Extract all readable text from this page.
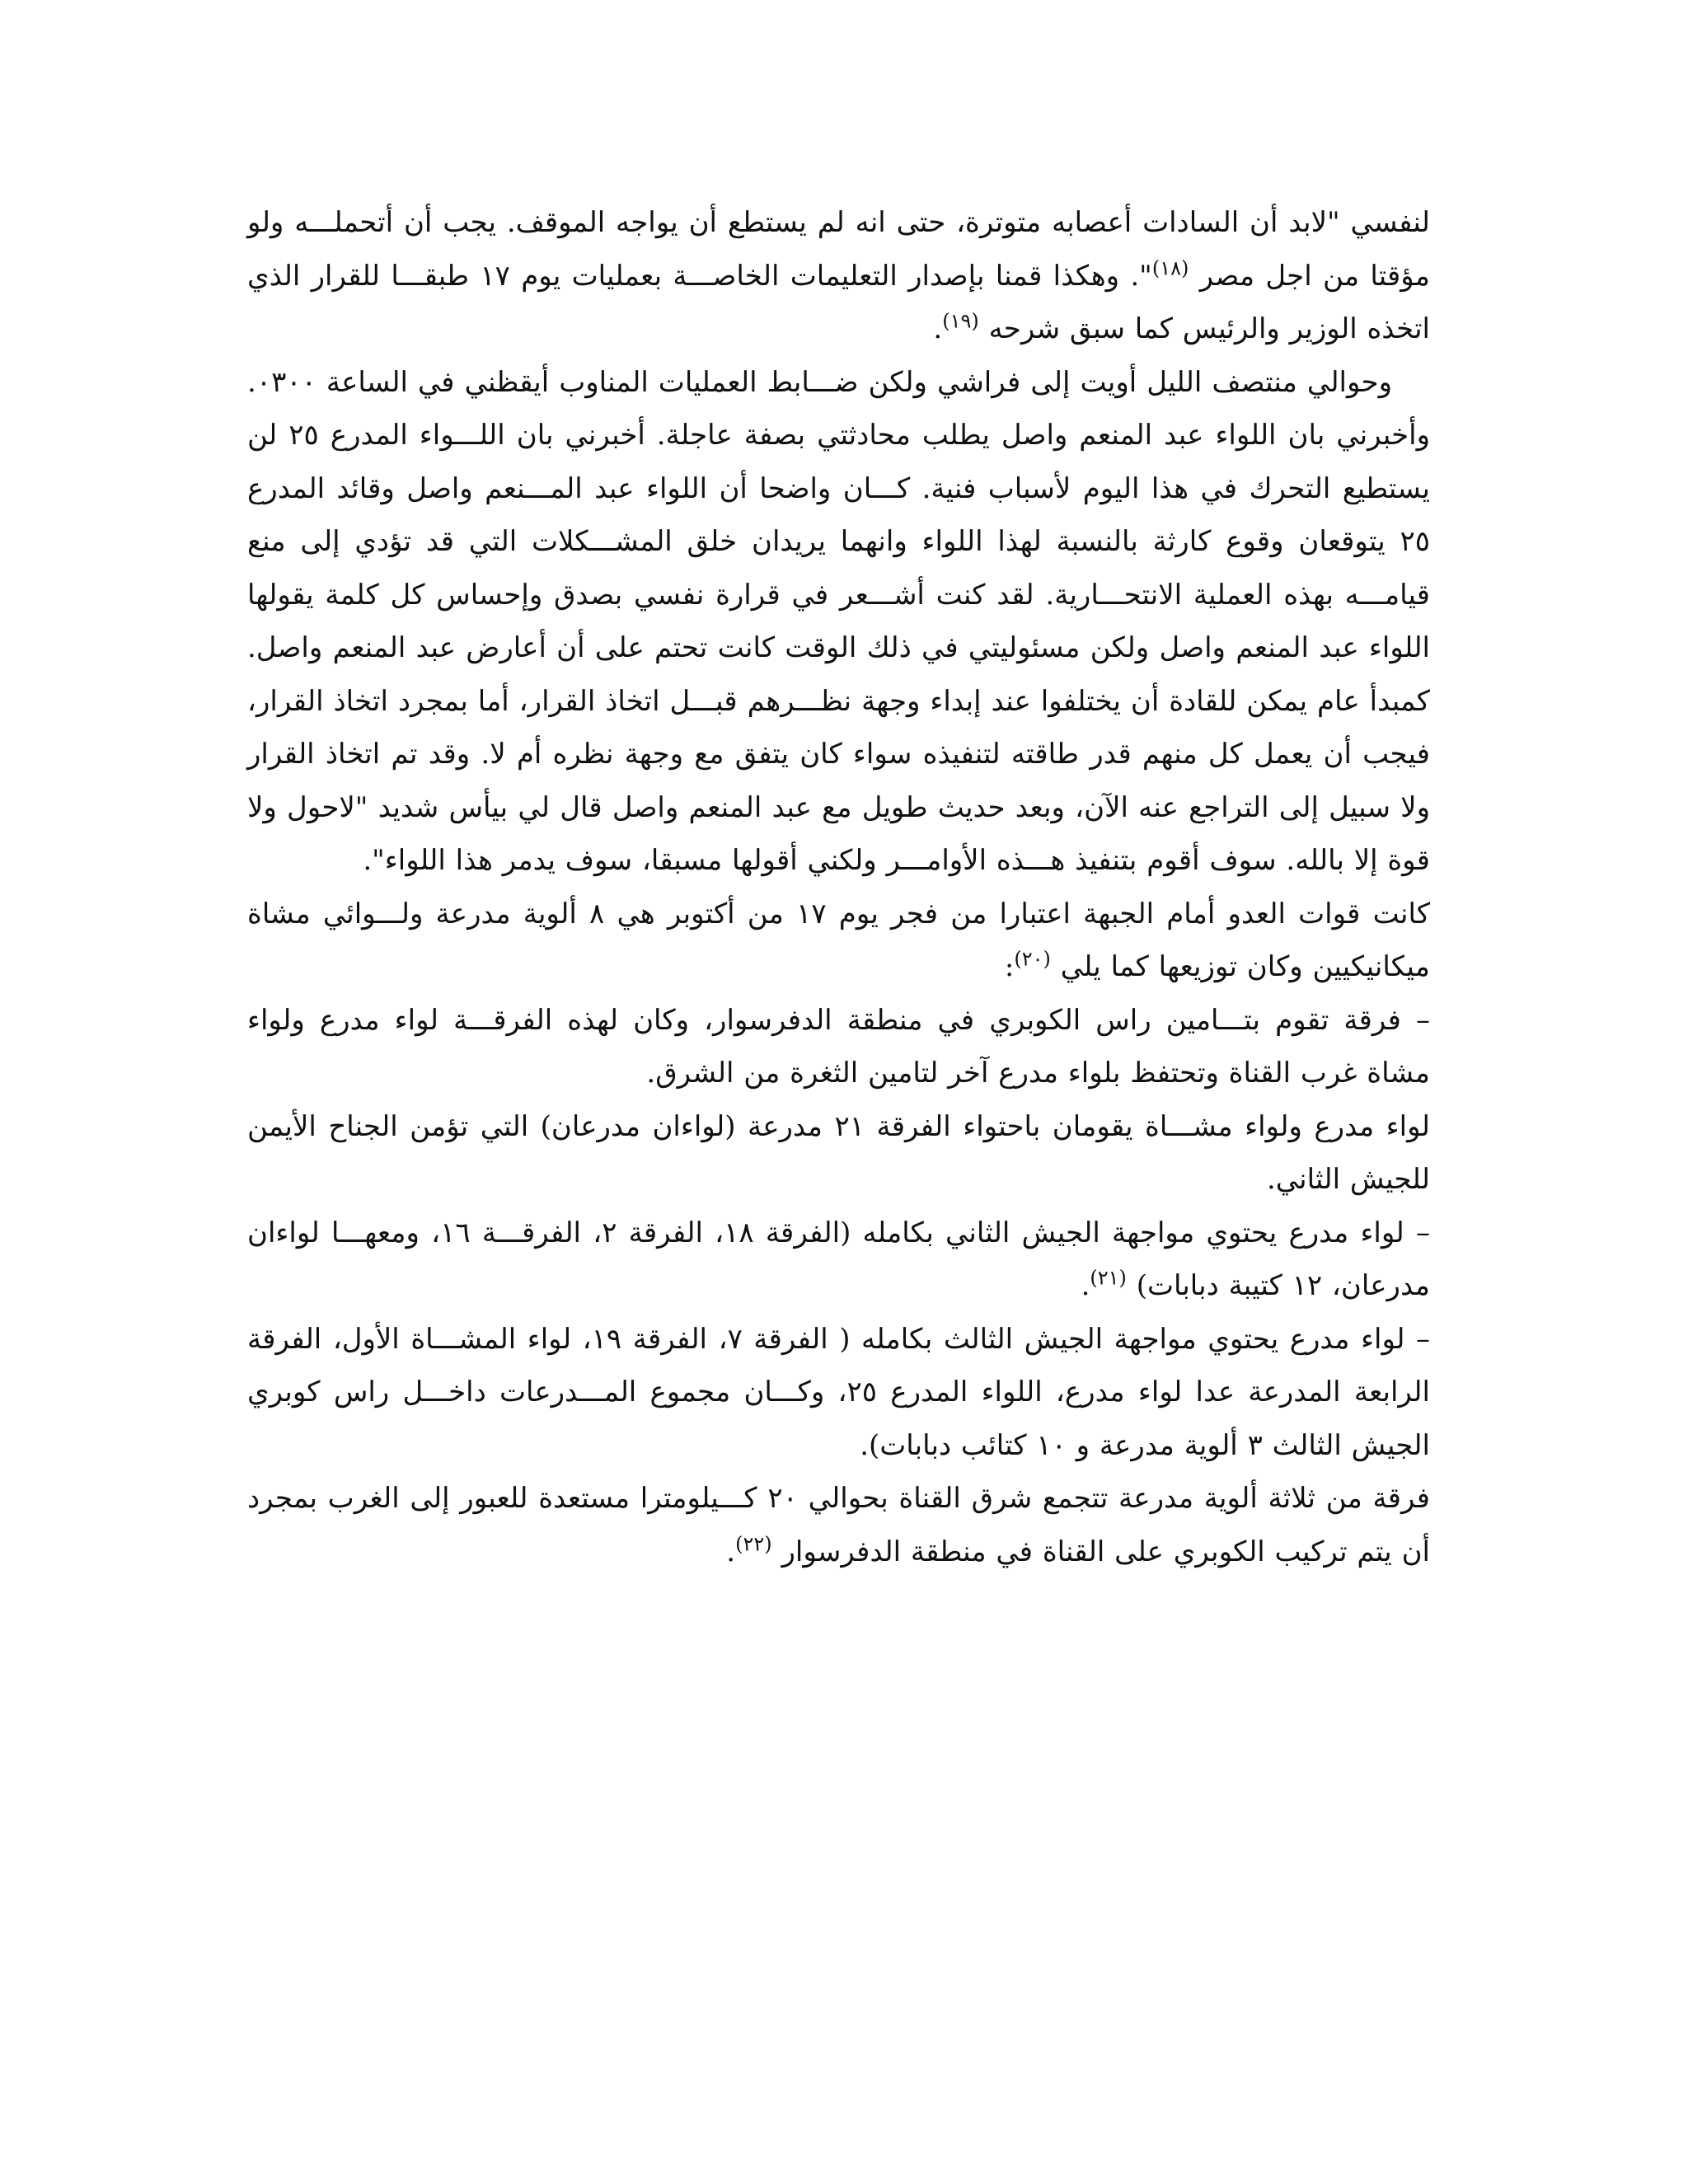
لنفسي "لابد أن السادات أعصابه متوترة، حتى انه لم يستطع أن يواجه الموقف. يجب أن أتحملـــه ولو مؤقتا من اجل مصر $^{(١٨)}$". وهكذا قمنا بإصدار التعليمات الخاصـــة بعمليات يوم ١٧ طبقـــا للقرار الذي اتخذه الوزير والرئيس كما سبق شرحه $^{(١٩)}$.

وحوالي منتصف الليل أويت إلى فراشي ولكن ضـــابط العمليات المناوب أيقظني في الساعة ٠٣٠٠. وأخبرني بان اللواء عبد المنعم واصل يطلب محادثتي بصفة عاجلة. أخبرني بان اللـــواء المدرع ٢٥ لن يستطيع التحرك في هذا اليوم لأسباب فنية. كـــان واضحا أن اللواء عبد المـــنعم واصل وقائد المدرع ٢٥ يتوقعان وقوع كارثة بالنسبة لهذا اللواء وانهما يريدان خلق المشـــكلات التي قد تؤدي إلى منع قيامـــه بهذه العملية الانتحـــارية. لقد كنت أشـــعر في قرارة نفسي بصدق وإحساس كل كلمة يقولها اللواء عبد المنعم واصل ولكن مسئوليتي في ذلك الوقت كانت تحتم على أن أعارض عبد المنعم واصل. كمبدأ عام يمكن للقادة أن يختلفوا عند إبداء وجهة نظـــرهم قبـــل اتخاذ القرار، أما بمجرد اتخاذ القرار، فيجب أن يعمل كل منهم قدر طاقته لتنفيذه سواء كان يتفق مع وجهة نظره أم لا. وقد تم اتخاذ القرار ولا سبيل إلى التراجع عنه الآن، وبعد حديث طويل مع عبد المنعم واصل قال لي بيأس شديد "لاحول ولا قوة إلا بالله. سوف أقوم بتنفيذ هـــذه الأوامـــر ولكني أقولها مسبقا، سوف يدمر هذا اللواء".

كانت قوات العدو أمام الجبهة اعتبارا من فجر يوم ١٧ من أكتوبر هي ٨ ألوية مدرعة ولـــوائي مشاة ميكانيكيين وكان توزيعها كما يلي $^{(٢٠)}$:

– فرقة تقوم بتـــامين راس الكوبري في منطقة الدفرسوار، وكان لهذه الفرقـــة لواء مدرع ولواء مشاة غرب القناة وتحتفظ بلواء مدرع آخر لتامين الثغرة من الشرق.

لواء مدرع ولواء مشـــاة يقومان باحتواء الفرقة ٢١ مدرعة (لواءان مدرعان) التي تؤمن الجناح الأيمن للجيش الثاني.

– لواء مدرع يحتوي مواجهة الجيش الثاني بكامله (الفرقة ١٨، الفرقة ٢، الفرقـــة ١٦، ومعهـــا لواءان مدرعان، ١٢ كتيبة دبابات) $^{(٢١)}$.

– لواء مدرع يحتوي مواجهة الجيش الثالث بكامله ( الفرقة ٧، الفرقة ١٩، لواء المشـــاة الأول، الفرقة الرابعة المدرعة عدا لواء مدرع، اللواء المدرع ٢٥، وكـــان مجموع المـــدرعات داخـــل راس كوبري الجيش الثالث ٣ ألوية مدرعة و ١٠ كتائب دبابات).

فرقة من ثلاثة ألوية مدرعة تتجمع شرق القناة بحوالي ٢٠ كـــيلومترا مستعدة للعبور إلى الغرب بمجرد أن يتم تركيب الكوبري على القناة في منطقة الدفرسوار $^{(٢٢)}$.
